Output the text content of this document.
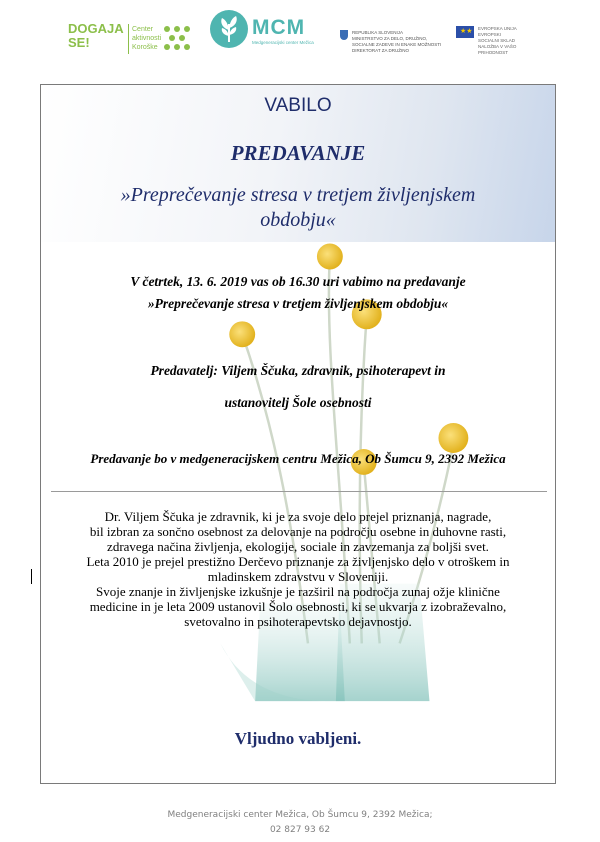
DOGAJA
SE!
Center
aktivnosti
Koroške
MCM
Medgeneracijski center Mežica
REPUBLIKA SLOVENIJA
MINISTRSTVO ZA DELO, DRUŽINO,
SOCIALNE ZADEVE IN ENAKE MOŽNOSTI
DIREKTORAT ZA DRUŽINO
★★ EVROPSKA UNIJA
EVROPSKI
SOCIALNI SKLAD
NALOŽBA V VAŠO PRIHODNOST
VABILO
PREDAVANJE
»Preprečevanje stresa v tretjem življenjskem
obdobju«
V četrtek, 13. 6. 2019 vas ob 16.30 uri vabimo na predavanje
»Preprečevanje stresa v tretjem življenjskem obdobju«
Predavatelj: Viljem Ščuka, zdravnik, psihoterapevt in
ustanovitelj Šole osebnosti
Predavanje bo v medgeneracijskem centru Mežica, Ob Šumcu 9, 2392 Mežica

Dr. Viljem Ščuka je zdravnik, ki je za svoje delo prejel priznanja, nagrade,

bil izbran za sončno osebnost za delovanje na področju osebne in duhovne rasti,

zdravega načina življenja, ekologije, sociale in zavzemanja za boljši svet.

Leta 2010 je prejel prestižno Derčevo priznanje za življenjsko delo v otroškem in

mladinskem zdravstvu v Sloveniji.

Svoje znanje in življenjske izkušnje je razširil na področja zunaj ožje klinične

medicine in je leta 2009 ustanovil Šolo osebnosti, ki se ukvarja z izobraževalno,

svetovalno in psihoterapevtsko dejavnostjo.

Vljudno vabljeni.
Medgeneracijski center Mežica, Ob Šumcu 9, 2392 Mežica;
02 827 93 62
